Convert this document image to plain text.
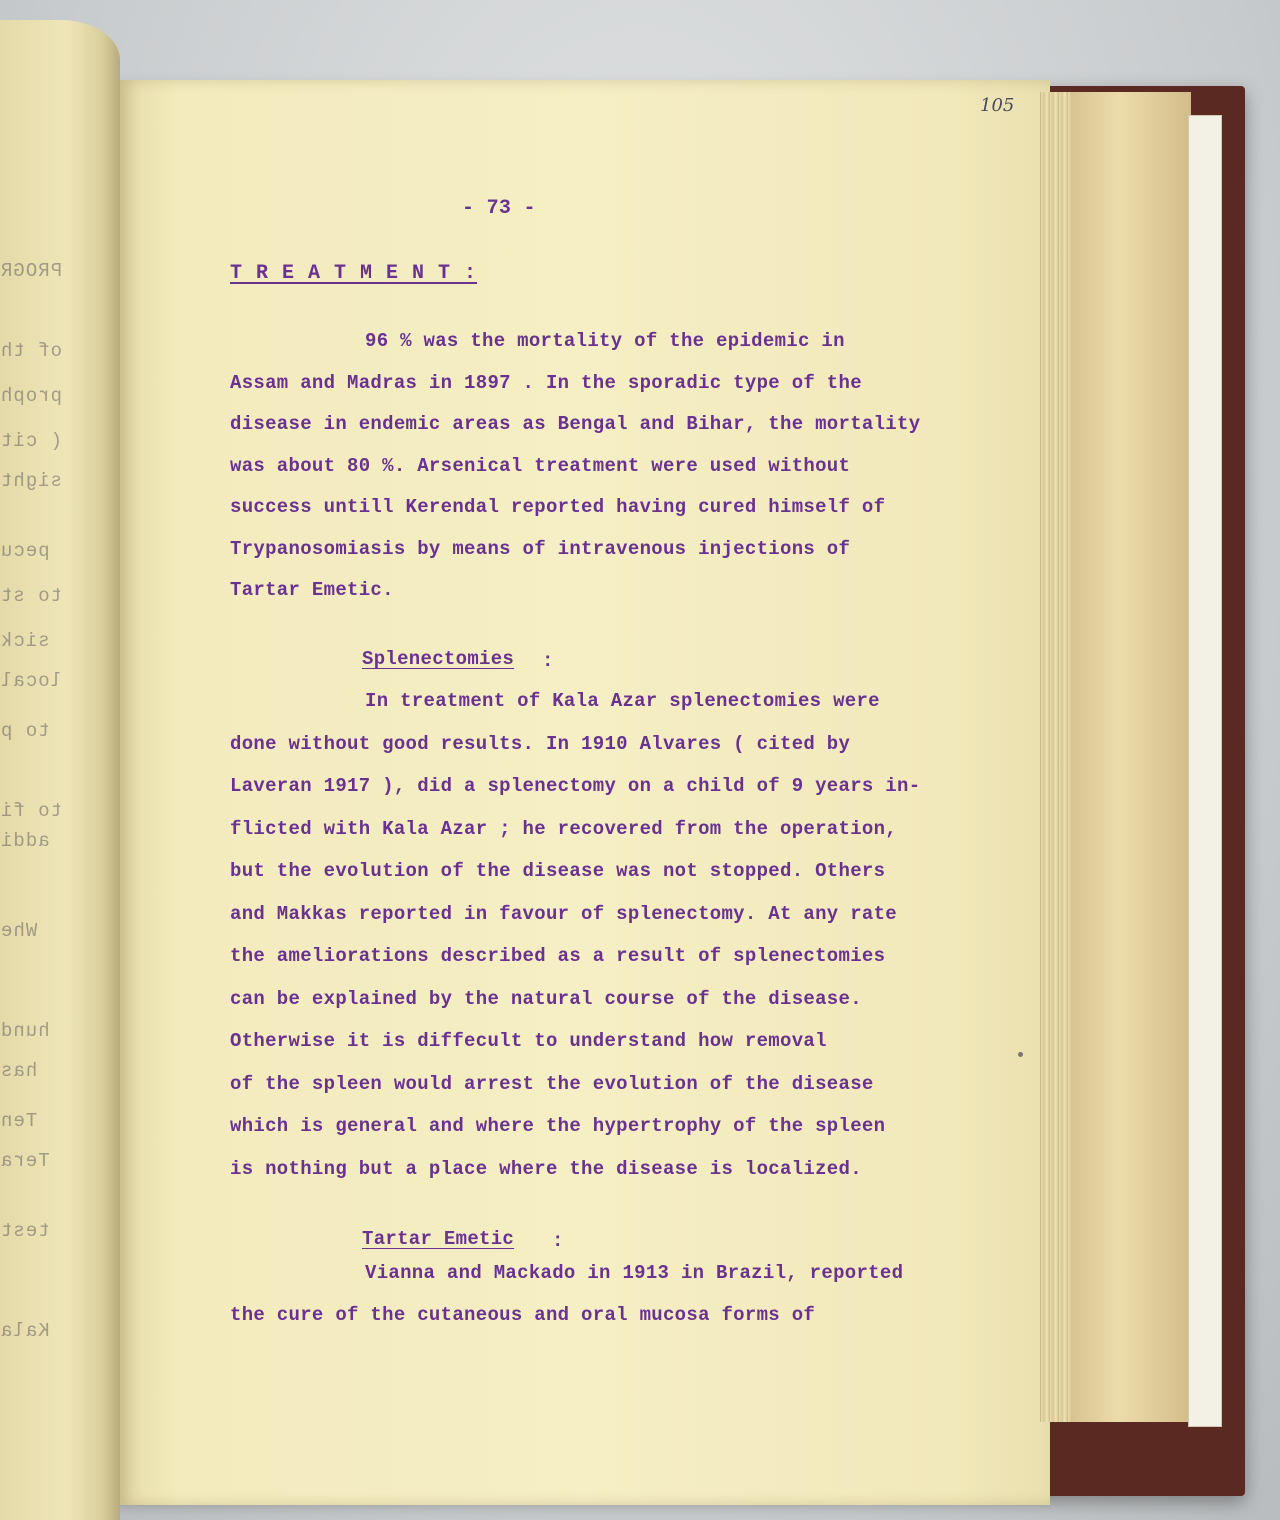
PROGR
of th
proph
( cit
sight
pecu
to st
sick
local
to p
to fi
addi
Whe
hund
has
Ten
Tera
test
Kala
105
- 73 -
T R E A T M E N T :
96 % was the mortality of the epidemic in
Assam and Madras in 1897 . In the sporadic type of the
disease in endemic areas as Bengal and Bihar, the mortality
was about 80 %. Arsenical treatment were used without
success untill Kerendal reported having cured himself of
Trypanosomiasis by means of intravenous injections of
Tartar Emetic.
Splenectomies :
In treatment of Kala Azar splenectomies were
done without good results. In 1910 Alvares ( cited by
Laveran 1917 ), did a splenectomy on a child of 9 years in-
flicted with Kala Azar ; he recovered from the operation,
but the evolution of the disease was not stopped. Others
and Makkas reported in favour of splenectomy. At any rate
the ameliorations described as a result of splenectomies
can be explained by the natural course of the disease.
Otherwise it is diffecult to understand how removal
of the spleen would arrest the evolution of the disease
which is general and where the hypertrophy of the spleen
is nothing but a place where the disease is localized.
Tartar Emetic :
Vianna and Mackado in 1913 in Brazil, reported
the cure of the cutaneous and oral mucosa forms of
